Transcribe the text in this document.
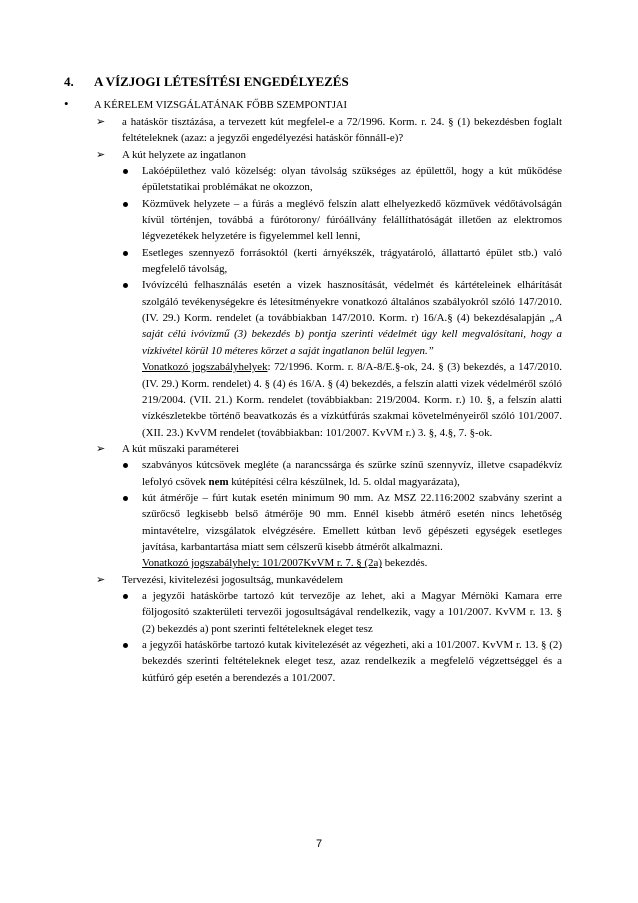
4. A VÍZJOGI LÉTESÍTÉSI ENGEDÉLYEZÉS
• A KÉRELEM VIZSGÁLATÁNAK FŐBB SZEMPONTJAI
➢	a hatáskör tisztázása, a tervezett kút megfelel-e a 72/1996. Korm. r. 24. § (1) bekezdésben foglalt feltételeknek (azaz: a jegyzői engedélyezési hatáskör fönnáll-e)?
➢	A kút helyzete az ingatlanon
Lakóépülethez való közelség: olyan távolság szükséges az épülettől, hogy a kút működése épületstatikai problémákat ne okozzon,
Közművek helyzete – a fúrás a meglévő felszín alatt elhelyezkedő közművek védőtávolságán kívül történjen, továbbá a fúrótorony/ fúróállvány felállíthatóságát illetően az elektromos légvezetékek helyzetére is figyelemmel kell lenni,
Esetleges szennyező forrásoktól (kerti árnyékszék, trágyatároló, állattartó épület stb.) való megfelelő távolság,
Ivóvízcélú felhasználás esetén a vizek hasznosítását, védelmét és kártételeinek elhárítását szolgáló tevékenységekre és létesítményekre vonatkozó általános szabályokról szóló 147/2010. (IV. 29.) Korm. rendelet (a továbbiakban 147/2010. Korm. r) 16/A.§ (4) bekezdésalapján „A saját célú ivóvízmű (3) bekezdés b) pontja szerinti védelmét úgy kell megvalósítani, hogy a vízkivétel körül 10 méteres körzet a saját ingatlanon belül legyen.”
Vonatkozó jogszabályhelyek: 72/1996. Korm. r. 8/A-8/E.§-ok, 24. § (3) bekezdés, a 147/2010. (IV. 29.) Korm. rendelet) 4. § (4) és 16/A. § (4) bekezdés, a felszín alatti vizek védelméről szóló 219/2004. (VII. 21.) Korm. rendelet (továbbiakban: 219/2004. Korm. r.) 10. §, a felszín alatti vízkészletekbe történő beavatkozás és a vízkútfúrás szakmai követelményeiről szóló 101/2007. (XII. 23.) KvVM rendelet (továbbiakban: 101/2007. KvVM r.) 3. §, 4.§, 7. §-ok.
➢	A kút műszaki paraméterei
szabványos kútcsövek megléte (a narancssárga és szürke színű szennyvíz, illetve csapadékvíz lefolyó csövek nem kútépítési célra készülnek, ld. 5. oldal magyarázata),
kút átmérője – fúrt kutak esetén minimum 90 mm. Az MSZ 22.116:2002 szabvány szerint a szűrőcső legkisebb belső átmérője 90 mm. Ennél kisebb átmérő esetén nincs lehetőség mintavételre, vizsgálatok elvégzésére. Emellett kútban levő gépészeti egységek esetleges javítása, karbantartása miatt sem célszerű kisebb átmérőt alkalmazni.
Vonatkozó jogszabályhely: 101/2007KvVM r. 7. § (2a) bekezdés.
➢	Tervezési, kivitelezési jogosultság, munkavédelem
a jegyzői hatáskörbe tartozó kút tervezője az lehet, aki a Magyar Mérnöki Kamara erre följogosító szakterületi tervezői jogosultságával rendelkezik, vagy a 101/2007. KvVM r. 13. § (2) bekezdés a) pont szerinti feltételeknek eleget tesz
a jegyzői hatáskörbe tartozó kutak kivitelezését az végezheti, aki a 101/2007. KvVM r. 13. § (2) bekezdés szerinti feltételeknek eleget tesz, azaz rendelkezik a megfelelő végzettséggel és a kútfúró gép esetén a berendezés a 101/2007.
7
